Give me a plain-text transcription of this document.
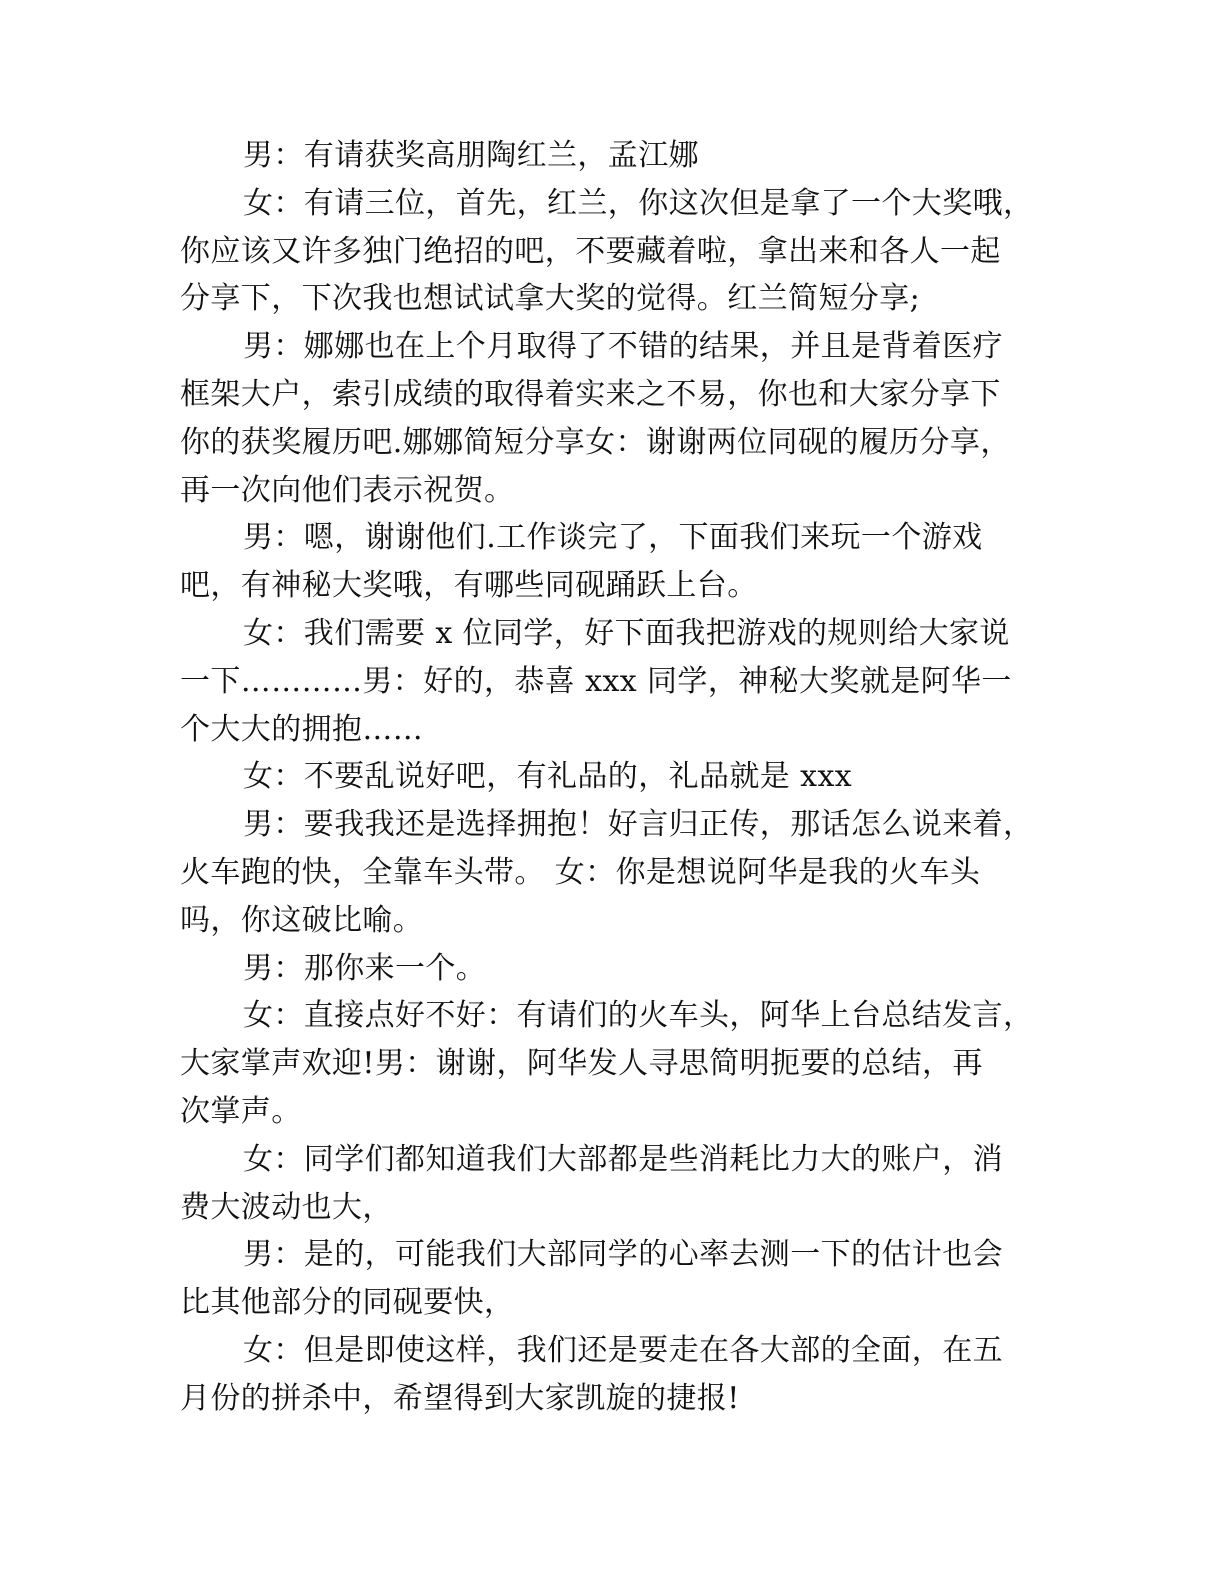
男：有请获奖高朋陶红兰，孟江娜
女：有请三位，首先，红兰，你这次但是拿了一个大奖哦，
你应该又许多独门绝招的吧，不要藏着啦，拿出来和各人一起
分享下，下次我也想试试拿大奖的觉得。红兰简短分享;
男：娜娜也在上个月取得了不错的结果，并且是背着医疗
框架大户，索引成绩的取得着实来之不易，你也和大家分享下
你的获奖履历吧.娜娜简短分享女：谢谢两位同砚的履历分享，
再一次向他们表示祝贺。
男：嗯，谢谢他们.工作谈完了，下面我们来玩一个游戏
吧，有神秘大奖哦，有哪些同砚踊跃上台。
女：我们需要 x 位同学，好下面我把游戏的规则给大家说
一下…………男：好的，恭喜 xxx 同学，神秘大奖就是阿华一
个大大的拥抱……
女：不要乱说好吧，有礼品的，礼品就是 xxx
男：要我我还是选择拥抱！好言归正传，那话怎么说来着，
火车跑的快，全靠车头带。 女：你是想说阿华是我的火车头
吗，你这破比喻。
男：那你来一个。
女：直接点好不好：有请们的火车头，阿华上台总结发言，
大家掌声欢迎!男：谢谢，阿华发人寻思简明扼要的总结，再
次掌声。
女：同学们都知道我们大部都是些消耗比力大的账户，消
费大波动也大，
男：是的，可能我们大部同学的心率去测一下的估计也会
比其他部分的同砚要快，
女：但是即使这样，我们还是要走在各大部的全面，在五
月份的拼杀中，希望得到大家凯旋的捷报!
